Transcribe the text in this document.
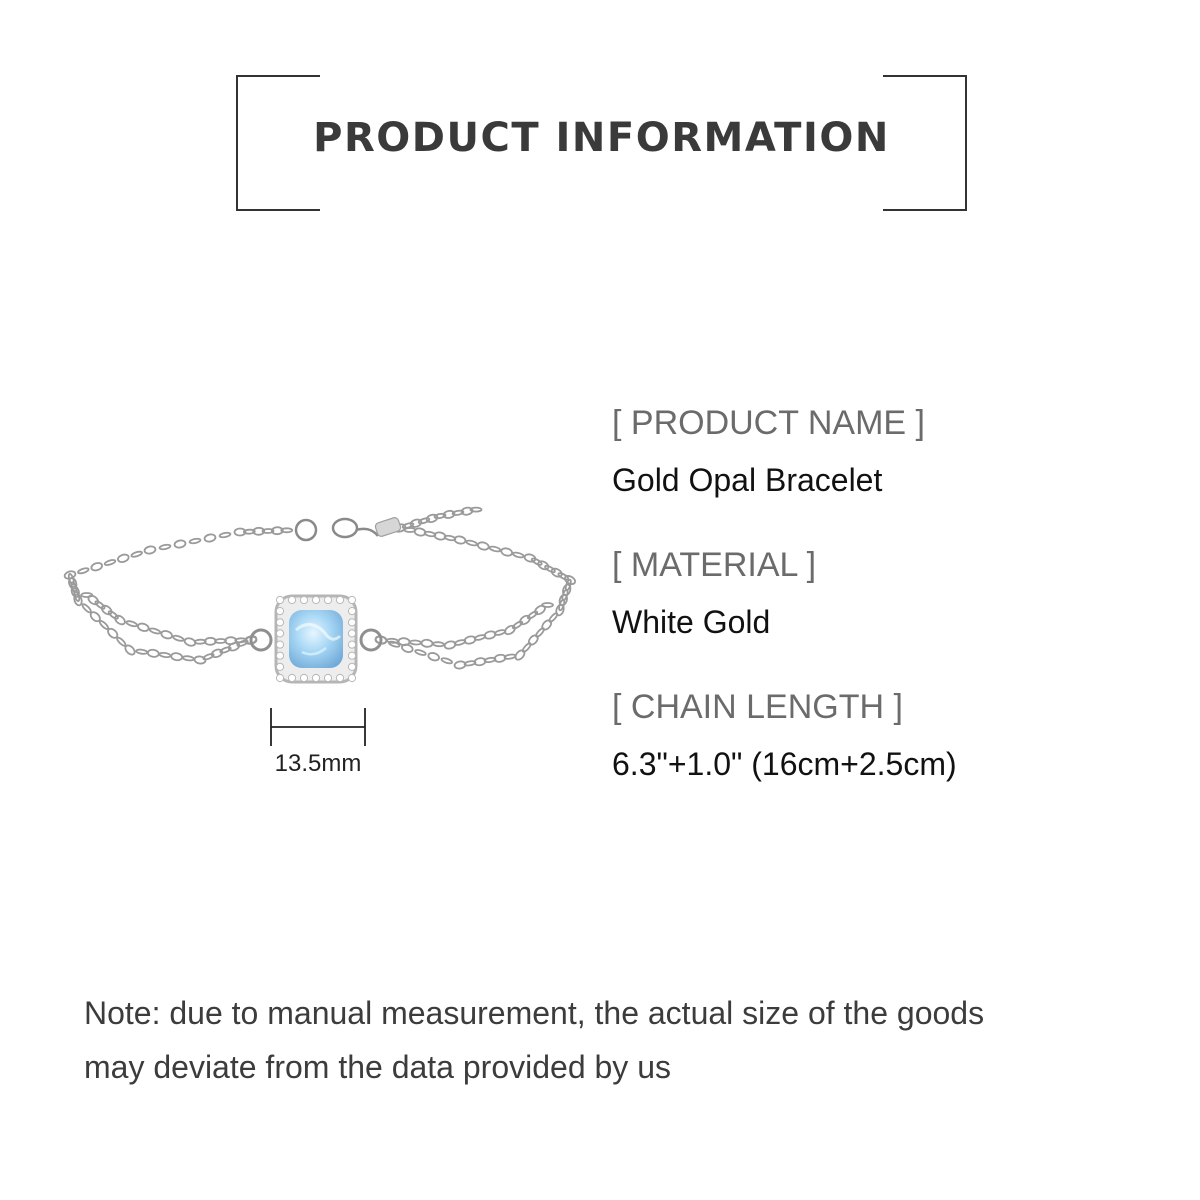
PRODUCT INFORMATION
13.5mm
[ PRODUCT NAME ]
Gold Opal Bracelet
[ MATERIAL ]
White Gold
[ CHAIN LENGTH ]
6.3"+1.0" (16cm+2.5cm)
Note: due to manual measurement, the actual size of the goods
may deviate from the data provided by us
